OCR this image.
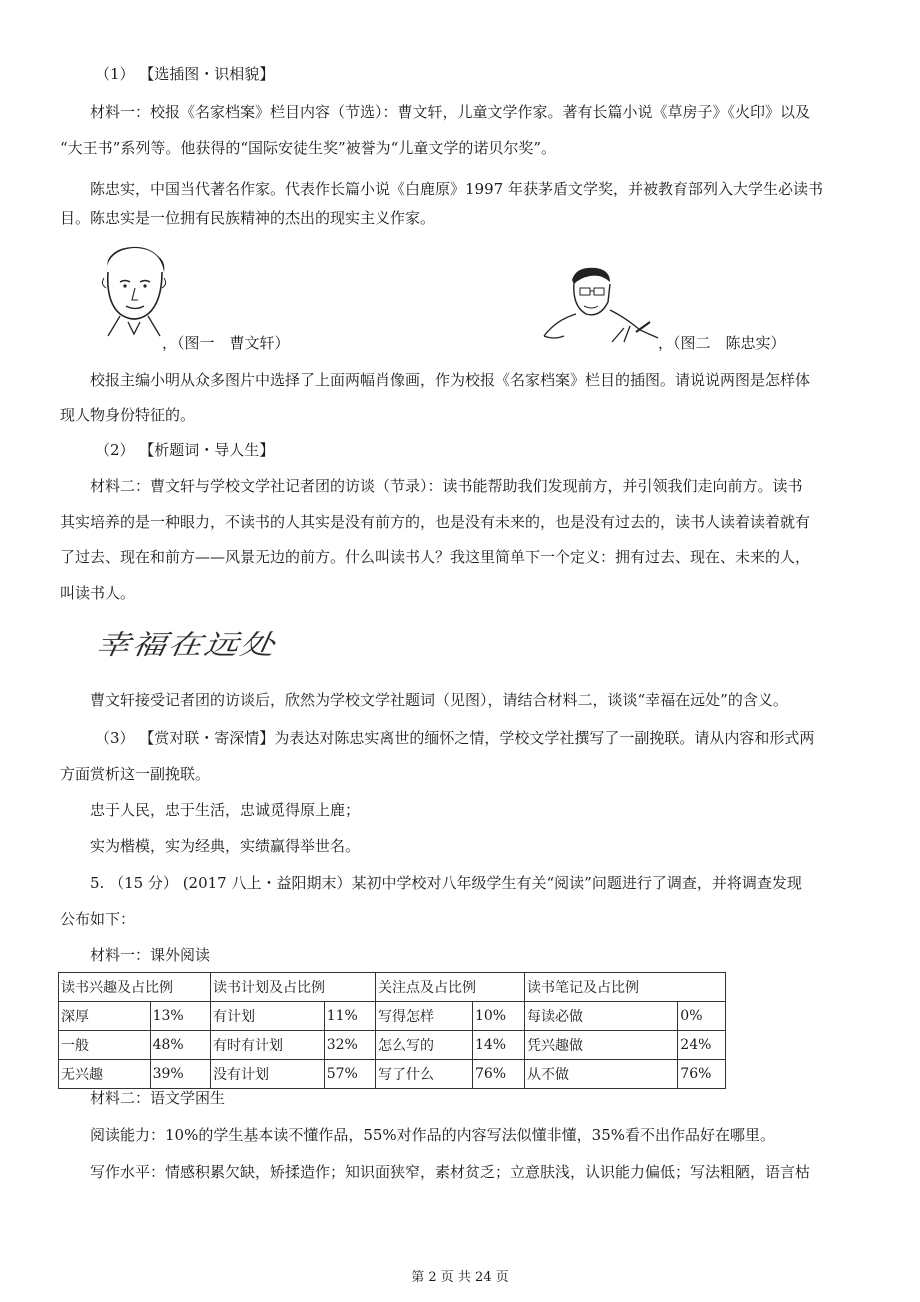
（1） 【选插图・识相貌】
材料一：校报《名家档案》栏目内容（节选）：曹文轩，儿童文学作家。著有长篇小说《草房子》《火印》以及
“大王书”系列等。他获得的“国际安徒生奖”被誉为“儿童文学的诺贝尔奖”。
陈忠实，中国当代著名作家。代表作长篇小说《白鹿原》1997 年获茅盾文学奖，并被教育部列入大学生必读书
目。陈忠实是一位拥有民族精神的杰出的现实主义作家。
，（图一　曹文轩）	，（图二　陈忠实）
校报主编小明从众多图片中选择了上面两幅肖像画，作为校报《名家档案》栏目的插图。请说说两图是怎样体
现人物身份特征的。
（2） 【析题词・导人生】
材料二：曹文轩与学校文学社记者团的访谈（节录）：读书能帮助我们发现前方，并引领我们走向前方。读书
其实培养的是一种眼力，不读书的人其实是没有前方的，也是没有未来的，也是没有过去的，读书人读着读着就有
了过去、现在和前方——风景无边的前方。什么叫读书人？我这里简单下一个定义：拥有过去、现在、未来的人，
叫读书人。
幸福在远处
曹文轩接受记者团的访谈后，欣然为学校文学社题词（见图），请结合材料二，谈谈“幸福在远处”的含义。
（3） 【赏对联・寄深情】为表达对陈忠实离世的缅怀之情，学校文学社撰写了一副挽联。请从内容和形式两
方面赏析这一副挽联。
忠于人民，忠于生活，忠诚觅得原上鹿；
实为楷模，实为经典，实绩赢得举世名。
5. （15 分） (2017 八上・益阳期末）某初中学校对八年级学生有关“阅读”问题进行了调查，并将调查发现
公布如下：
材料一：课外阅读
读书兴趣及占比例		读书计划及占比例		关注点及占比例		读书笔记及占比例	
深厚	13%	有计划	11%	写得怎样	10%	每读必做	0%
一般	48%	有时有计划	32%	怎么写的	14%	凭兴趣做	24%
无兴趣	39%	没有计划	57%	写了什么	76%	从不做	76%
材料二：语文学困生
阅读能力：10%的学生基本读不懂作品，55%对作品的内容写法似懂非懂，35%看不出作品好在哪里。
写作水平：情感积累欠缺，矫揉造作；知识面狭窄，素材贫乏；立意肤浅，认识能力偏低；写法粗陋，语言枯
第 2 页 共 24 页
